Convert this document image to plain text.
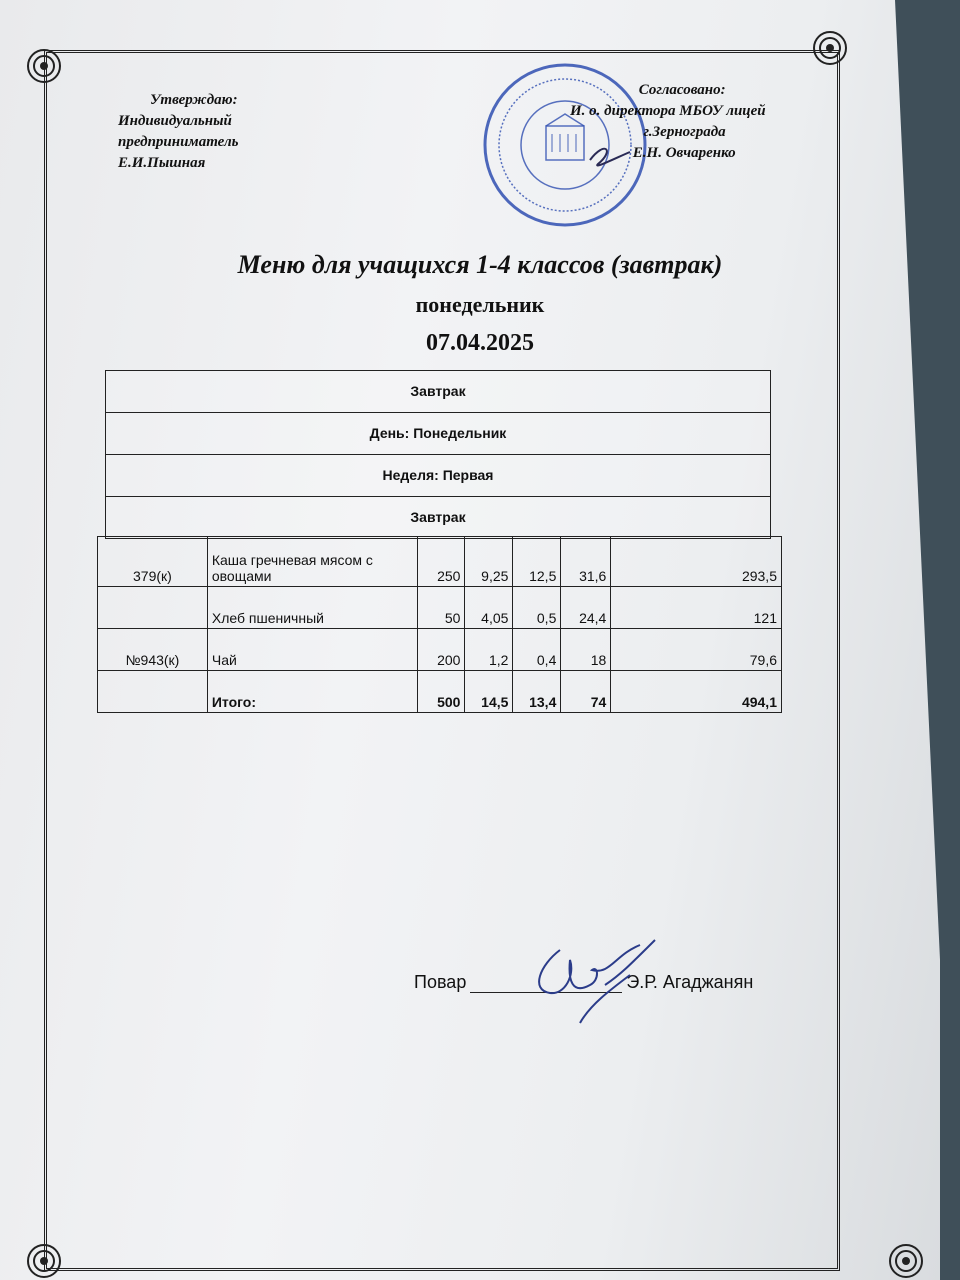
Утверждаю:
Индивидуальный
предприниматель
Е.И.Пышная
Согласовано:
И. о. директора МБОУ лицей
г.Зернограда
Е.Н. Овчаренко
Меню для учащихся 1-4 классов (завтрак)
понедельник
07.04.2025
Завтрак
День: Понедельник
Неделя: Первая
Завтрак
379(к)	Каша гречневая мясом с овощами	250	9,25	12,5	31,6	293,5
	Хлеб пшеничный	50	4,05	0,5	24,4	121
№943(к)	Чай	200	1,2	0,4	18	79,6
	Итого:	500	14,5	13,4	74	494,1
Повар	Э.Р. Агаджанян
